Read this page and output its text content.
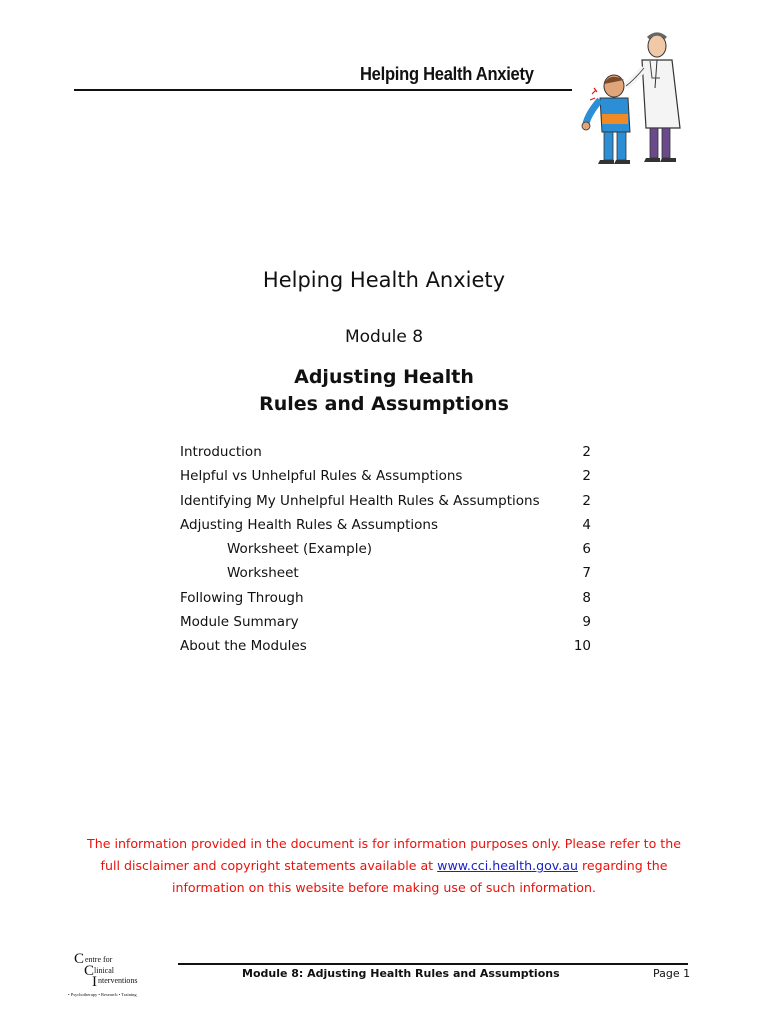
Helping Health Anxiety
Helping Health Anxiety
Module 8
Adjusting Health
Rules and Assumptions
Introduction	2
Helpful vs Unhelpful Rules & Assumptions	2
Identifying My Unhelpful Health Rules & Assumptions	2
Adjusting Health Rules & Assumptions	4
Worksheet (Example)	6
Worksheet	7
Following Through	8
Module Summary	9
About the Modules	10
The information provided in the document is for information purposes only. Please refer to the full disclaimer and copyright statements available at www.cci.health.gov.au regarding the information on this website before making use of such information.
C entre for
C linical
I nterventions
• Psychotherapy • Research • Training
Module 8: Adjusting Health Rules and Assumptions	Page 1
